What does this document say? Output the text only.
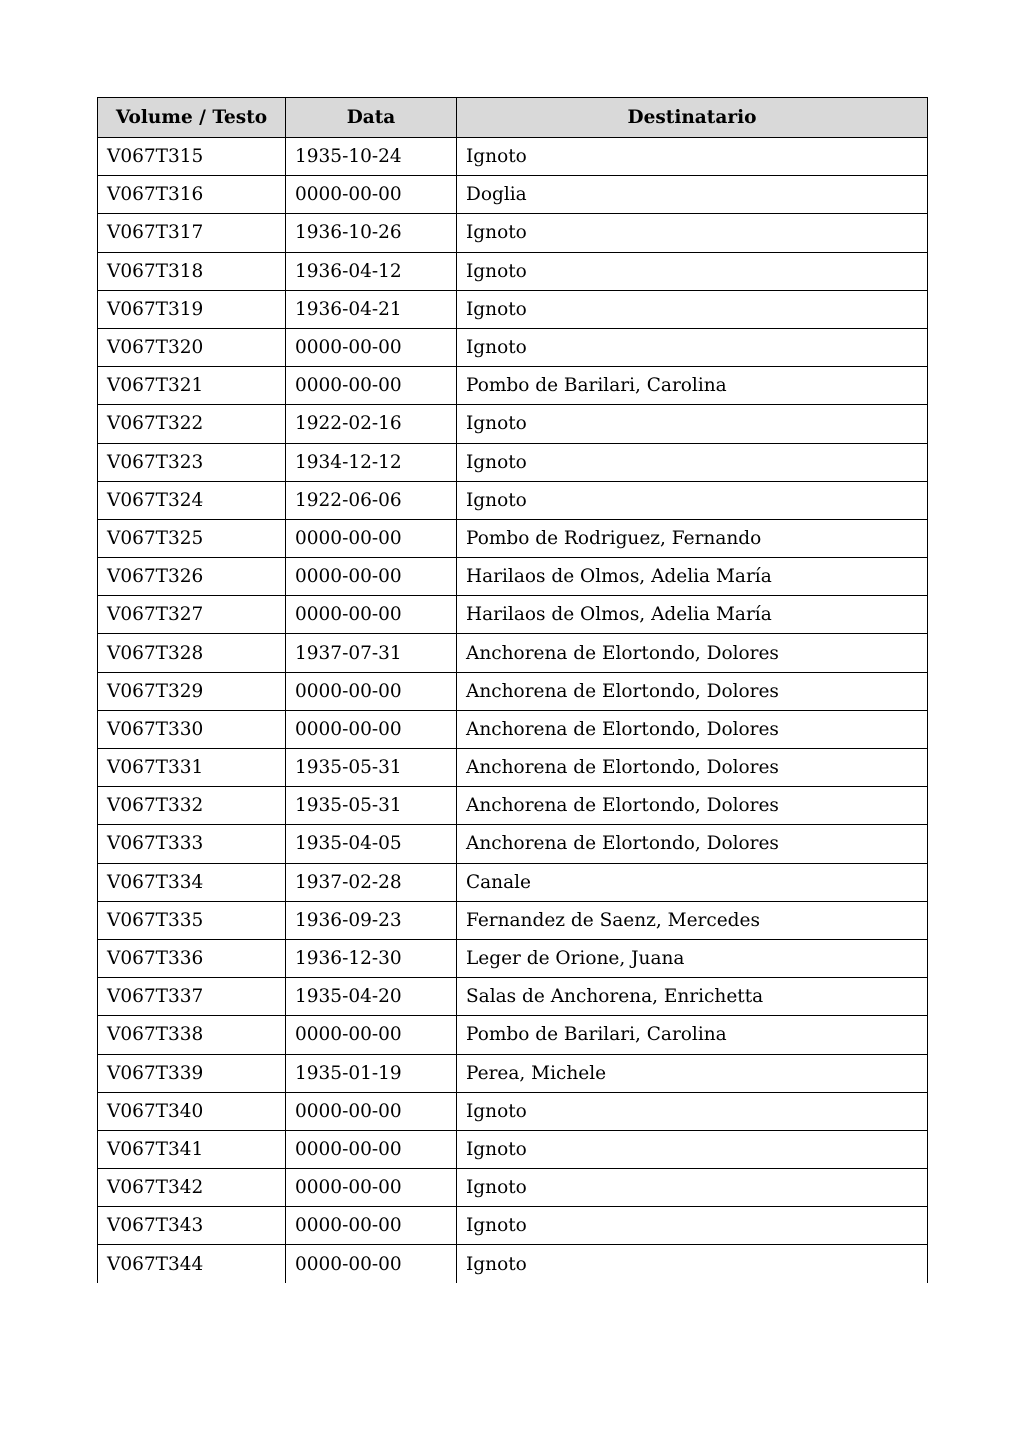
Volume / Testo	Data	Destinatario
V067T315	1935-10-24	Ignoto
V067T316	0000-00-00	Doglia
V067T317	1936-10-26	Ignoto
V067T318	1936-04-12	Ignoto
V067T319	1936-04-21	Ignoto
V067T320	0000-00-00	Ignoto
V067T321	0000-00-00	Pombo de Barilari, Carolina
V067T322	1922-02-16	Ignoto
V067T323	1934-12-12	Ignoto
V067T324	1922-06-06	Ignoto
V067T325	0000-00-00	Pombo de Rodriguez, Fernando
V067T326	0000-00-00	Harilaos de Olmos, Adelia María
V067T327	0000-00-00	Harilaos de Olmos, Adelia María
V067T328	1937-07-31	Anchorena de Elortondo, Dolores
V067T329	0000-00-00	Anchorena de Elortondo, Dolores
V067T330	0000-00-00	Anchorena de Elortondo, Dolores
V067T331	1935-05-31	Anchorena de Elortondo, Dolores
V067T332	1935-05-31	Anchorena de Elortondo, Dolores
V067T333	1935-04-05	Anchorena de Elortondo, Dolores
V067T334	1937-02-28	Canale
V067T335	1936-09-23	Fernandez de Saenz, Mercedes
V067T336	1936-12-30	Leger de Orione, Juana
V067T337	1935-04-20	Salas de Anchorena, Enrichetta
V067T338	0000-00-00	Pombo de Barilari, Carolina
V067T339	1935-01-19	Perea, Michele
V067T340	0000-00-00	Ignoto
V067T341	0000-00-00	Ignoto
V067T342	0000-00-00	Ignoto
V067T343	0000-00-00	Ignoto
V067T344	0000-00-00	Ignoto
